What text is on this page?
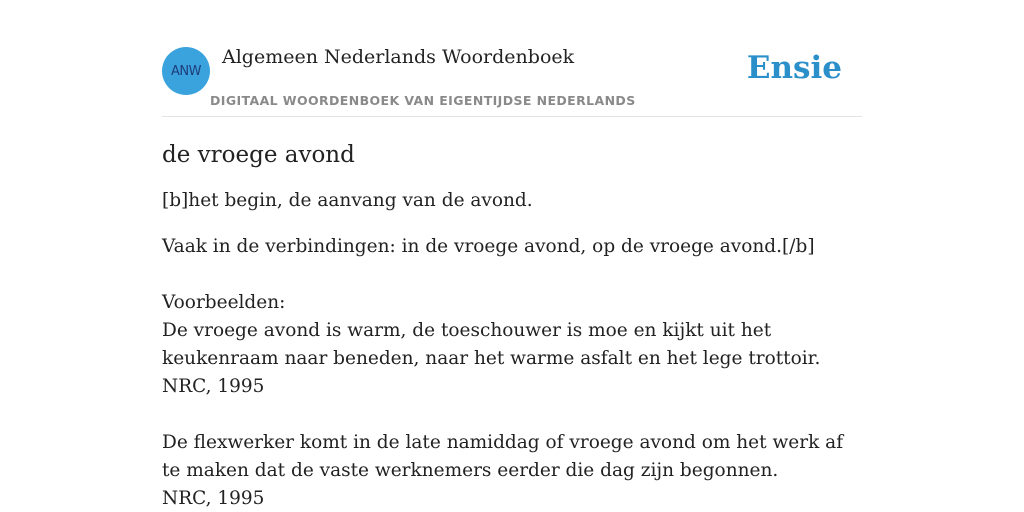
ANW
Algemeen Nederlands Woordenboek
DIGITAAL WOORDENBOEK VAN EIGENTIJDSE NEDERLANDS
Ensie
de vroege avond

[b]het begin, de aanvang van de avond.

Vaak in de verbindingen: in de vroege avond, op de vroege avond.[/b]

Voorbeelden:
De vroege avond is warm, de toeschouwer is moe en kijkt uit het keukenraam naar beneden, naar het warme asfalt en het lege trottoir.
NRC, 1995

De flexwerker komt in de late namiddag of vroege avond om het werk af te maken dat de vaste werknemers eerder die dag zijn begonnen.
NRC, 1995
